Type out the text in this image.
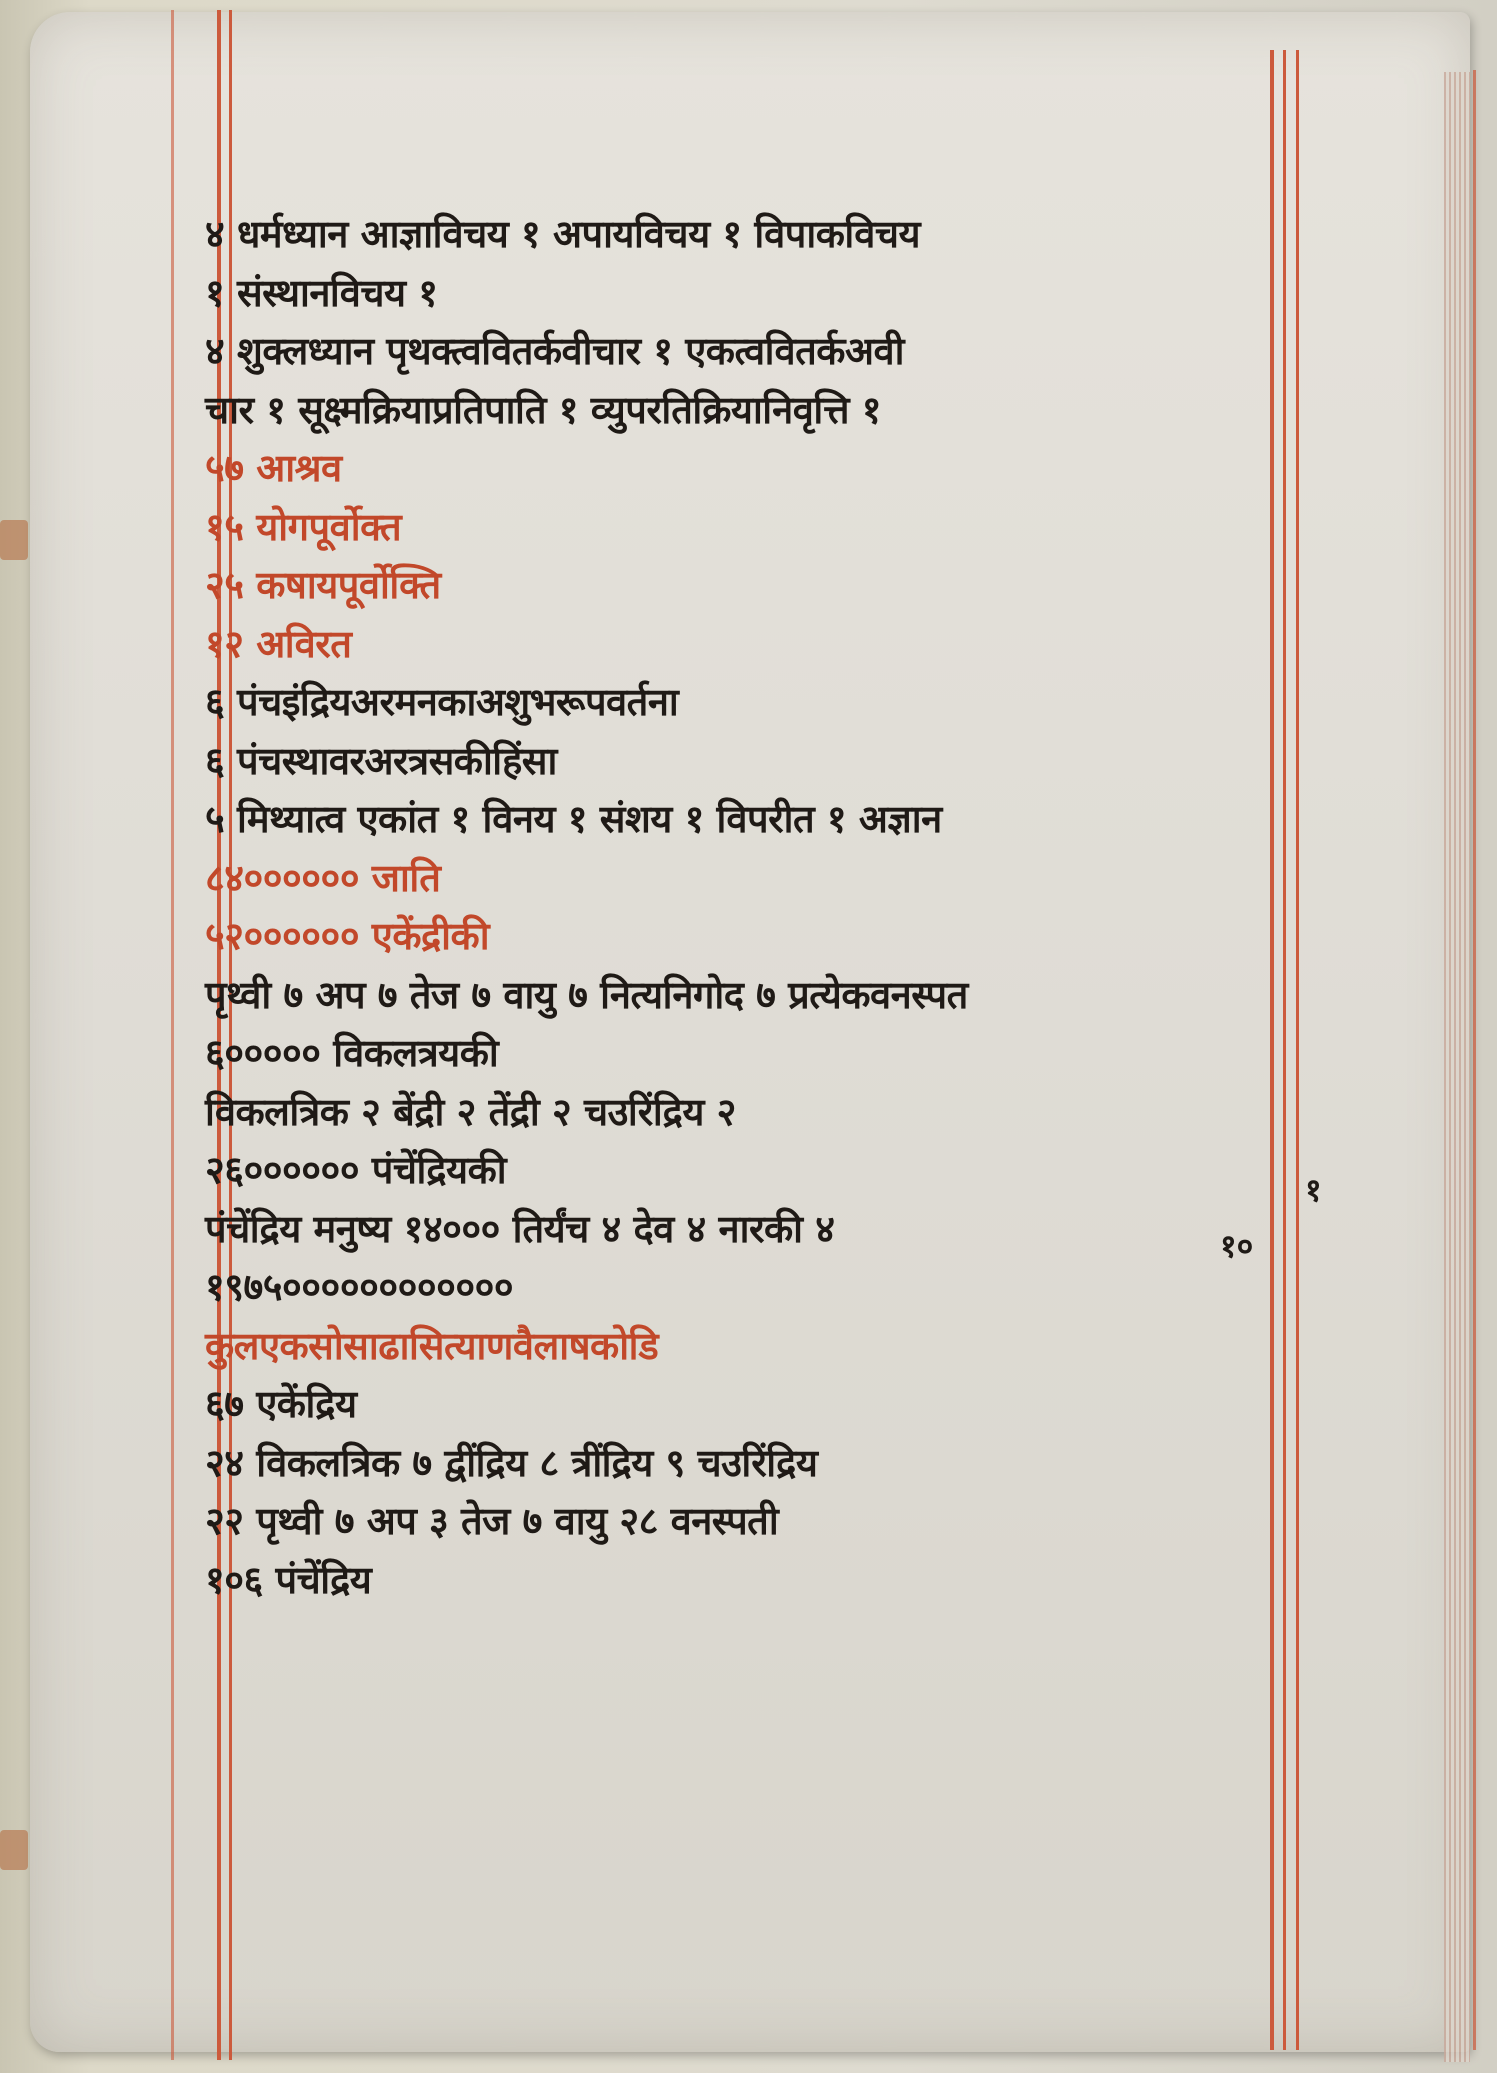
४ धर्मध्यान आज्ञाविचय १ अपायविचय १ विपाकविचय
१ संस्थानविचय १
४ शुक्लध्यान पृथक्त्ववितर्कवीचार १ एकत्ववितर्कअवी
चार १ सूक्ष्मक्रियाप्रतिपाति १ व्युपरतिक्रियानिवृत्ति १
५७ आश्रव
१५ योगपूर्वोक्त
२५ कषायपूर्वोक्ति
१२ अविरत
६ पंचइंद्रियअरमनकाअशुभरूपवर्तना
६ पंचस्थावरअरत्रसकीहिंसा
५ मिथ्यात्व एकांत १ विनय १ संशय १ विपरीत १ अज्ञान
८४०००००० जाति
५२०००००० एकेंद्रीकी
पृथ्वी ७ अप ७ तेज ७ वायु ७ नित्यनिगोद ७ प्रत्येकवनस्पत
६००००० विकलत्रयकी
विकलत्रिक २ बेंद्री २ तेंद्री २ चउरिंद्रिय २
२६०००००० पंचेंद्रियकी
पंचेंद्रिय मनुष्य १४००० तिर्यंच ४ देव ४ नारकी ४
१९७५००००००००००००
कुलएकसोसाढासित्याणवैलाषकोडि
६७ एकेंद्रिय
२४ विकलत्रिक ७ द्वींद्रिय ८ त्रींद्रिय ९ चउरिंद्रिय
२२ पृथ्वी ७ अप ३ तेज ७ वायु २८ वनस्पती
१०६ पंचेंद्रिय
१
१०
